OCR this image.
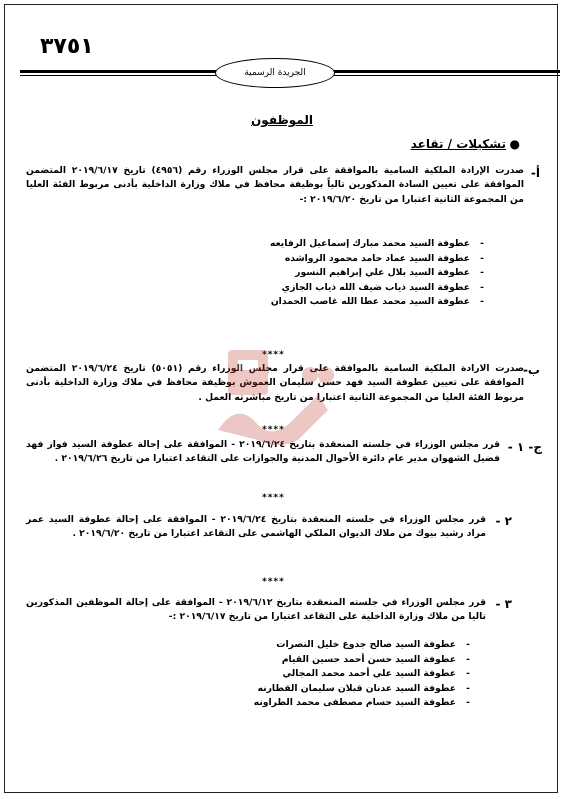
٣٧٥١
الجريدة الرسمية
الموظفون
●
تشكيلات / تقاعد
أ-
صدرت الإرادة الملكية السامية بالموافقة على قرار مجلس الوزراء رقم (٤٩٥٦) تاريخ ٢٠١٩/٦/١٧ المتضمن الموافقة على تعيين السادة المذكورين تالياً بوظيفة محافظ في ملاك وزارة الداخلية بأدنى مربوط الفئة العليا من المجموعة الثانية اعتبارا من تاريخ ٢٠١٩/٦/٢٠ :-
- عطوفة السيد محمد مبارك إسماعيل الرفايعه
- عطوفة السيد عماد حامد محمود الرواشده
- عطوفة السيد بلال علي إبراهيم النسور
- عطوفة السيد ذياب ضيف الله ذياب الجازي
- عطوفة السيد محمد عطا الله غاصب الحمدان
****
ب-
صدرت الارادة الملكية السامية بالموافقة على قرار مجلس الوزراء رقم (٥٠٥١) تاريخ ٢٠١٩/٦/٢٤ المتضمن الموافقة على تعيين عطوفة السيد فهد حسن سليمان العموش بوظيفة محافظ في ملاك وزارة الداخلية بأدنى مربوط الفئة العليا من المجموعة الثانية اعتبارا من تاريخ مباشرته العمل .
****
ج- ١ -
قرر مجلس الوزراء في جلسته المنعقدة بتاريخ ٢٠١٩/٦/٢٤ - الموافقة على إحالة عطوفة السيد فواز فهد فضيل الشهوان مدير عام دائرة الأحوال المدنية والجوازات على التقاعد اعتبارا من تاريخ ٢٠١٩/٦/٢٦ .
****
٢ -
قرر مجلس الوزراء في جلسته المنعقدة بتاريخ ٢٠١٩/٦/٢٤ - الموافقة على إحالة عطوفة السيد عمر مراد رشيد بيوك من ملاك الديوان الملكي الهاشمي على التقاعد اعتبارا من تاريخ ٢٠١٩/٦/٢٠ .
****
٣ -
قرر مجلس الوزراء في جلسته المنعقدة بتاريخ ٢٠١٩/٦/١٢ - الموافقة على إحالة الموظفين المذكورين تاليا من ملاك وزارة الداخلية على التقاعد اعتبارا من تاريخ ٢٠١٩/٦/١٧ :-
- عطوفة السيد صالح جدوع خليل النصرات
- عطوفة السيد حسن أحمد حسين القيام
- عطوفة السيد علي أحمد محمد المجالي
- عطوفة السيد عدنان قبلان سليمان القطارنه
- عطوفة السيد حسام مصطفى محمد الطراونه
